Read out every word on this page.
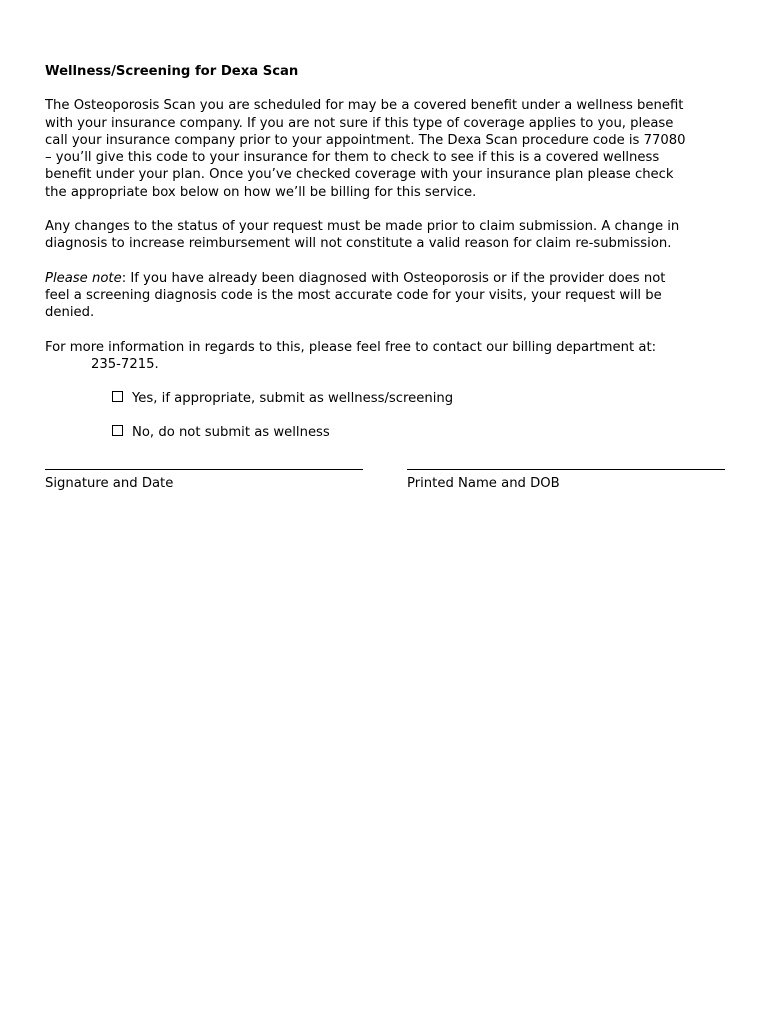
Wellness/Screening for Dexa Scan

The Osteoporosis Scan you are scheduled for may be a covered benefit under a wellness benefit
with your insurance company. If you are not sure if this type of coverage applies to you, please
call your insurance company prior to your appointment. The Dexa Scan procedure code is 77080
– you’ll give this code to your insurance for them to check to see if this is a covered wellness
benefit under your plan. Once you’ve checked coverage with your insurance plan please check
the appropriate box below on how we’ll be billing for this service.

Any changes to the status of your request must be made prior to claim submission. A change in
diagnosis to increase reimbursement will not constitute a valid reason for claim re-submission.

Please note: If you have already been diagnosed with Osteoporosis or if the provider does not
feel a screening diagnosis code is the most accurate code for your visits, your request will be
denied.

For more information in regards to this, please feel free to contact our billing department at:
235-7215.

Yes, if appropriate, submit as wellness/screening
No, do not submit as wellness
Signature and Date	Printed Name and DOB
